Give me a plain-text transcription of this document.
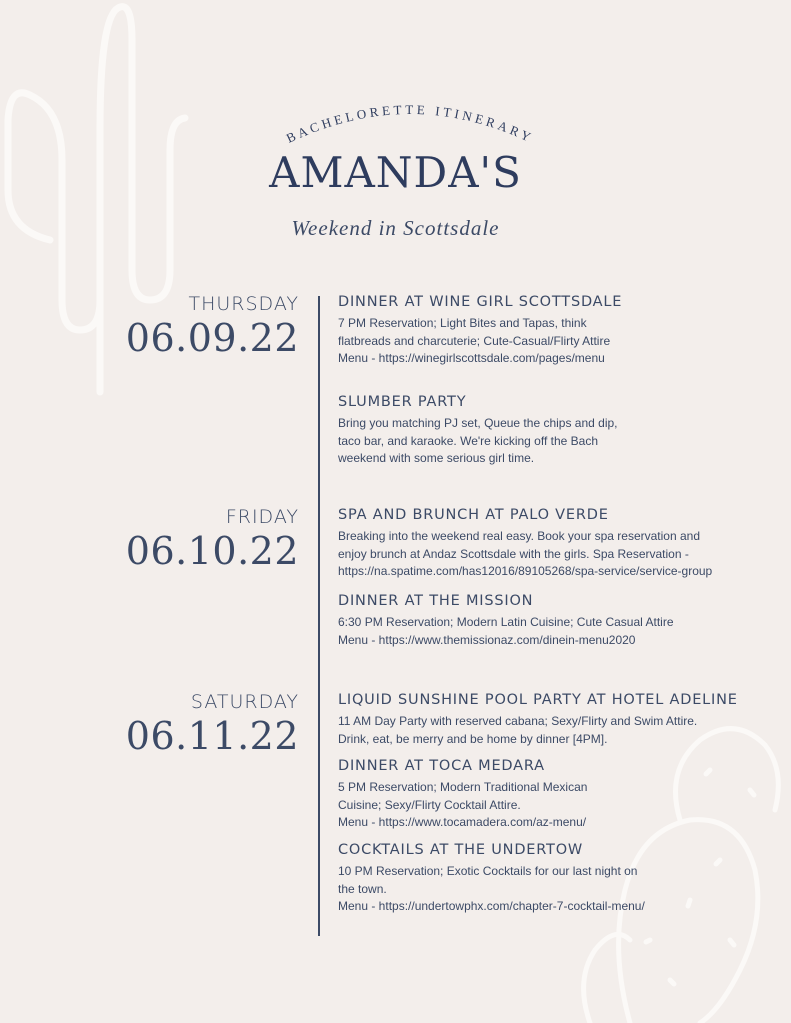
BACHELORETTE ITINERARY
AMANDA'S
Weekend in Scottsdale
THURSDAY
06.09.22
DINNER AT WINE GIRL SCOTTSDALE
7 PM Reservation; Light Bites and Tapas, think
flatbreads and charcuterie; Cute-Casual/Flirty Attire
Menu - https://winegirlscottsdale.com/pages/menu
SLUMBER PARTY
Bring you matching PJ set, Queue the chips and dip,
taco bar, and karaoke. We're kicking off the Bach
weekend with some serious girl time.
FRIDAY
06.10.22
SPA AND BRUNCH AT PALO VERDE
Breaking into the weekend real easy. Book your spa reservation and
enjoy brunch at Andaz Scottsdale with the girls. Spa Reservation -
https://na.spatime.com/has12016/89105268/spa-service/service-group
DINNER AT THE MISSION
6:30 PM Reservation; Modern Latin Cuisine; Cute Casual Attire
Menu - https://www.themissionaz.com/dinein-menu2020
SATURDAY
06.11.22
LIQUID SUNSHINE POOL PARTY AT HOTEL ADELINE
11 AM Day Party with reserved cabana; Sexy/Flirty and Swim Attire.
Drink, eat, be merry and be home by dinner [4PM].
DINNER AT TOCA MEDARA
5 PM Reservation; Modern Traditional Mexican
Cuisine; Sexy/Flirty Cocktail Attire.
Menu - https://www.tocamadera.com/az-menu/
COCKTAILS AT THE UNDERTOW
10 PM Reservation; Exotic Cocktails for our last night on
the town.
Menu - https://undertowphx.com/chapter-7-cocktail-menu/
